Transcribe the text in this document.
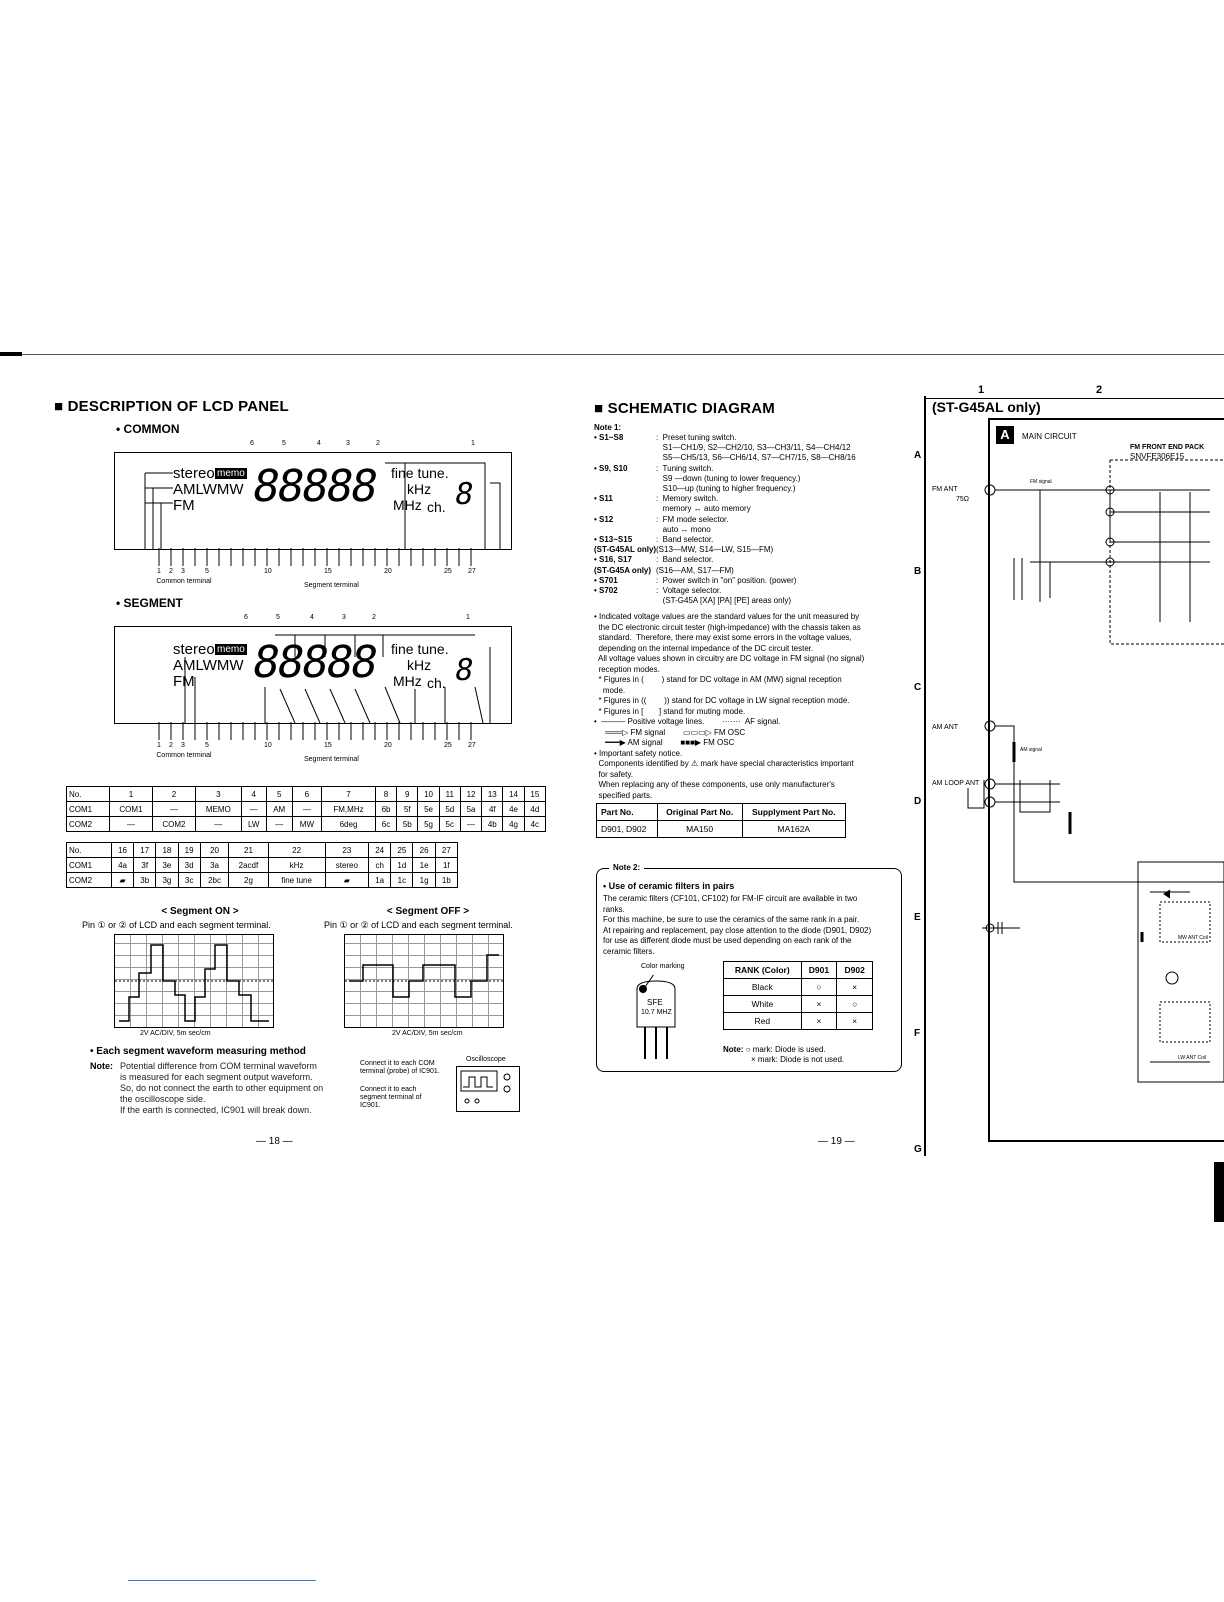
■ DESCRIPTION OF LCD PANEL
• COMMON
6	5	4	3	2	1
stereo memo
AMLWMW
FM 88888 fine tune.
kHz
MHz ch. 8
1 2 3	5	10	15	20	25 27
Common terminal
Segment terminal
• SEGMENT
6	5	4	3	2	1
stereo memo
AMLWMW
FM 88888 fine tune.
kHz
MHz ch. 8
1 2 3	5	10	15	20	25 27
Common terminal
Segment terminal
No.	1	2	3	4	5	6	7	8	9	10	11	12	13	14	15
COM1	COM1	—	MEMO	—	AM	—	FM,MHz	6b	5f	5e	5d	5a	4f	4e	4d
COM2	—	COM2	—	LW	—	MW	6deg	6c	5b	5g	5c	—	4b	4g	4c
No.	16	17	18	19	20	21	22	23	24	25	26	27
COM1	4a	3f	3e	3d	3a	2acdf	kHz	stereo	ch	1d	1e	1f
COM2	▰	3b	3g	3c	2bc	2g	fine tune	▰	1a	1c	1g	1b
< Segment ON >
Pin ① or ② of LCD and each segment terminal.
2V AC/DIV, 5m sec/cm
< Segment OFF >
Pin ① or ② of LCD and each segment terminal.
2V AC/DIV, 5m sec/cm
• Each segment waveform measuring method
Note: Potential difference from COM terminal waveform
is measured for each segment output waveform.
So, do not connect the earth to other equipment on
the oscilloscope side.
If the earth is connected, IC901 will break down.
Oscilloscope
Connect it to each COM terminal (probe) of IC901.
Connect it to each segment terminal of IC901.
— 18 —
■ SCHEMATIC DIAGRAM
Note 1:
• S1~S8	:  Preset tuning switch.
S1—CH1/9, S2—CH2/10, S3—CH3/11, S4—CH4/12
S5—CH5/13, S6—CH6/14, S7—CH7/15, S8—CH8/16
• S9, S10	:  Tuning switch.
S9 —down (tuning to lower frequency.)
S10—up (tuning to higher frequency.)
• S11	:  Memory switch.
memory ↔ auto memory
• S12	:  FM mode selector.
auto ↔ mono
• S13~S15	:  Band selector.
(ST-G45AL only) (S13—MW, S14—LW, S15—FM)
• S16, S17	:  Band selector.
(ST-G45A only) (S16—AM, S17—FM)
• S701	:  Power switch in "on" position. (power)
• S702	:  Voltage selector.
(ST-G45A [XA] [PA] [PE] areas only)
• Indicated voltage values are the standard values for the unit measured by
the DC electronic circuit tester (high-impedance) with the chassis taken as
standard.  Therefore, there may exist some errors in the voltage values,
depending on the internal impedance of the DC circuit tester.
All voltage values shown in circuitry are DC voltage in FM signal (no signal)
reception modes.
* Figures in (        ) stand for DC voltage in AM (MW) signal reception
mode.
* Figures in ((        )) stand for DC voltage in LW signal reception mode.
* Figures in [       ] stand for muting mode.
•  ——— Positive voltage lines.        ·······  AF signal.
═══▷ FM signal        ▭▭▭▷ FM OSC
━━━▶ AM signal        ■■■▶ FM OSC
• Important safety notice.
Components identified by ⚠ mark have special characteristics important
for safety.
When replacing any of these components, use only manufacturer's
specified parts.
Part No.	Original Part No.	Supplyment Part No.
D901, D902	MA150	MA162A
Note 2:
• Use of ceramic filters in pairs
The ceramic filters (CF101, CF102) for FM-IF circuit are available in two
ranks.
For this machine, be sure to use the ceramics of the same rank in a pair.
At repairing and replacement, pay close attention to the diode (D901, D902)
for use as different diode must be used depending on each rank of the
ceramic filters.
Color marking
SFE
10.7 MHZ
RANK (Color)	D901	D902
Black	○	×
White	×	○
Red	×	×
Note: ○ mark: Diode is used.
× mark: Diode is not used.
— 19 —
1	2
(ST-G45AL only)
A
B
C
D
E
F
G
A	MAIN CIRCUIT
FM FRONT END PACK
SNVFE306E15
FM ANT
75Ω
FM signal
AM ANT
AM signal
AM LOOP ANT
MW ANT Coil
LW ANT Coil
